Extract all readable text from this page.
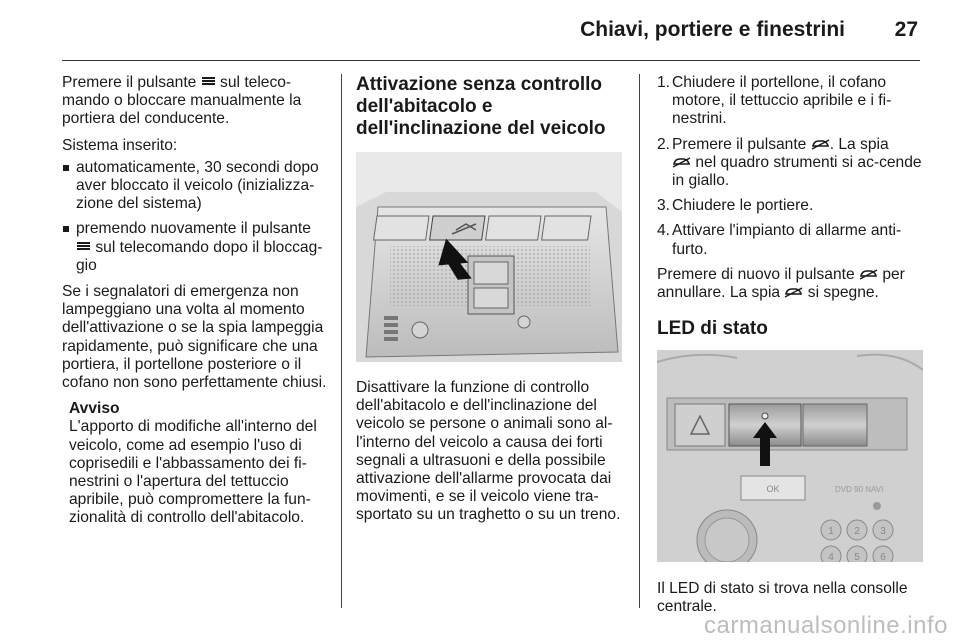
Chiavi, portiere e finestrini 27
Premere il pulsante sul teleco-mando o bloccare manualmente la portiera del conducente.
Sistema inserito:
automaticamente, 30 secondi dopo aver bloccato il veicolo (inizializza-zione del sistema)
premendo nuovamente il pulsante
sul telecomando dopo il bloccag-gio
Se i segnalatori di emergenza non lampeggiano una volta al momento dell'attivazione o se la spia lampeggia rapidamente, può significare che una portiera, il portellone posteriore o il cofano non sono perfettamente chiusi.
Avviso
L'apporto di modifiche all'interno del veicolo, come ad esempio l'uso di coprisedili e l'abbassamento dei fi-nestrini o l'apertura del tettuccio apribile, può compromettere la fun-zionalità di controllo dell'abitacolo.
Attivazione senza controllo dell'abitacolo e dell'inclinazione del veicolo
Disattivare la funzione di controllo dell'abitacolo e dell'inclinazione del veicolo se persone o animali sono al-l'interno del veicolo a causa dei forti segnali a ultrasuoni e della possibile attivazione dell'allarme provocata dai movimenti, e se il veicolo viene tra-sportato su un traghetto o su un treno.
1. Chiudere il portellone, il cofano motore, il tettuccio apribile e i fi-nestrini.
2. Premere il pulsante . La spia
nel quadro strumenti si ac-cende in giallo.
3. Chiudere le portiere.
4. Attivare l'impianto di allarme anti-furto.
Premere di nuovo il pulsante per annullare. La spia si spegne.
LED di stato
OK	DVD 90 NAVI
1 2 3
4 5 6
Il LED di stato si trova nella consolle centrale.
carmanualsonline.info
